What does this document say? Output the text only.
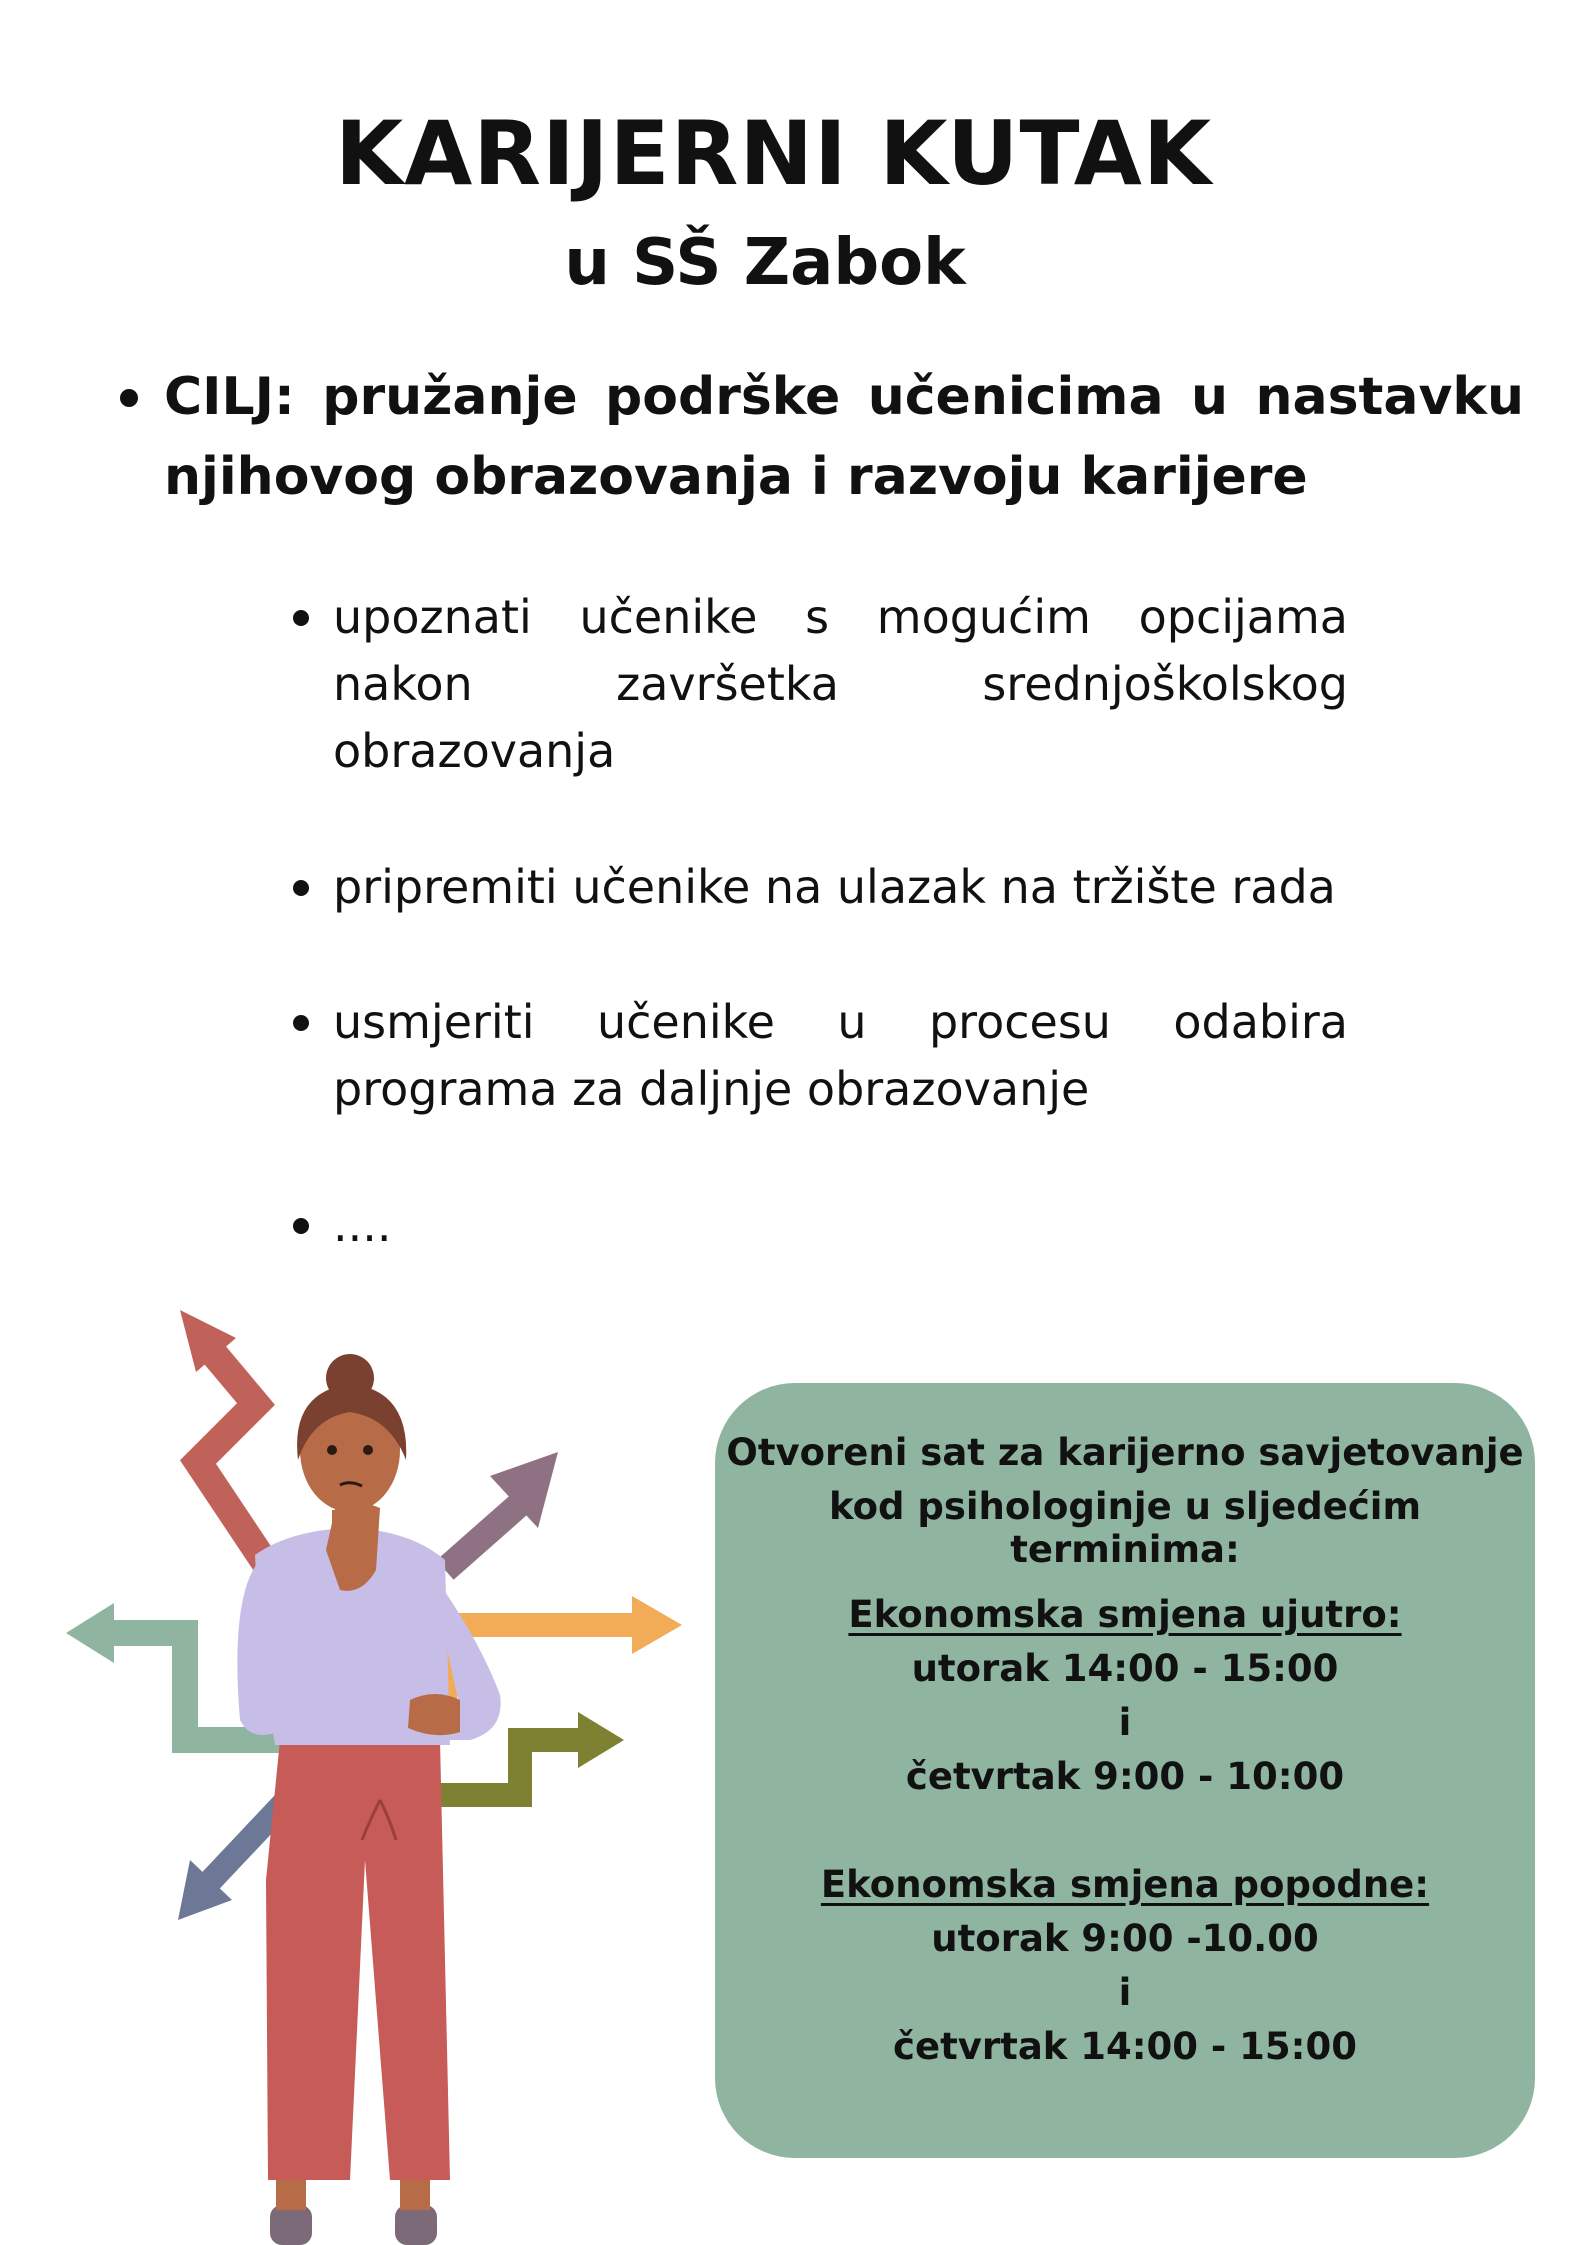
KARIJERNI KUTAK
u SŠ Zabok

CILJ: pružanje podrške učenicima u nastavku njihovog obrazovanja i razvoju karijere

upoznati učenike s mogućim opcijama nakon završetka srednjoškolskog obrazovanja

pripremiti učenike na ulazak na tržište rada

usmjeriti učenike u procesu odabira programa za daljnje obrazovanje

....

Otvoreni sat za karijerno savjetovanje

kod psihologinje u sljedećim terminima:

Ekonomska smjena ujutro:

utorak 14:00 - 15:00

i

četvrtak 9:00 - 10:00

Ekonomska smjena popodne:

utorak 9:00 -10.00

i

četvrtak 14:00 - 15:00
